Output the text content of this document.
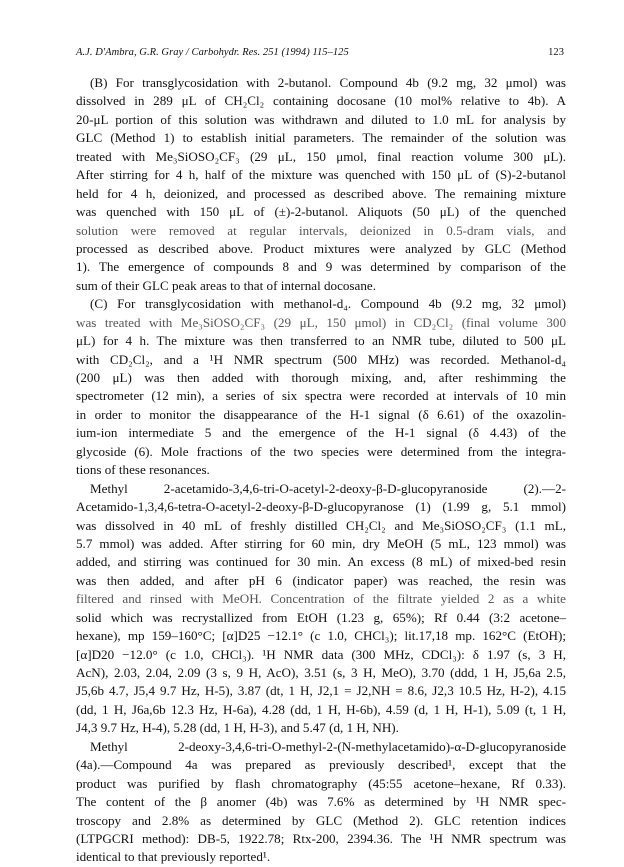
A.J. D'Ambra, G.R. Gray / Carbohydr. Res. 251 (1994) 115–125	123
(B) For transglycosidation with 2-butanol. Compound 4b (9.2 mg, 32 μmol) was
dissolved in 289 μL of CH₂Cl₂ containing docosane (10 mol% relative to 4b). A
20-μL portion of this solution was withdrawn and diluted to 1.0 mL for analysis by
GLC (Method 1) to establish initial parameters. The remainder of the solution was
treated with Me₃SiOSO₂CF₃ (29 μL, 150 μmol, final reaction volume 300 μL).
After stirring for 4 h, half of the mixture was quenched with 150 μL of (S)-2-butanol
held for 4 h, deionized, and processed as described above. The remaining mixture
was quenched with 150 μL of (±)-2-butanol. Aliquots (50 μL) of the quenched
solution were removed at regular intervals, deionized in 0.5-dram vials, and
processed as described above. Product mixtures were analyzed by GLC (Method
1). The emergence of compounds 8 and 9 was determined by comparison of the
sum of their GLC peak areas to that of internal docosane.
(C) For transglycosidation with methanol-d₄. Compound 4b (9.2 mg, 32 μmol)
was treated with Me₃SiOSO₂CF₃ (29 μL, 150 μmol) in CD₂Cl₂ (final volume 300
μL) for 4 h. The mixture was then transferred to an NMR tube, diluted to 500 μL
with CD₂Cl₂, and a ¹H NMR spectrum (500 MHz) was recorded. Methanol-d₄
(200 μL) was then added with thorough mixing, and, after reshimming the
spectrometer (12 min), a series of six spectra were recorded at intervals of 10 min
in order to monitor the disappearance of the H-1 signal (δ 6.61) of the oxazolin-
ium-ion intermediate 5 and the emergence of the H-1 signal (δ 4.43) of the
glycoside (6). Mole fractions of the two species were determined from the integra-
tions of these resonances.
Methyl 2-acetamido-3,4,6-tri-O-acetyl-2-deoxy-β-D-glucopyranoside (2).—2-
Acetamido-1,3,4,6-tetra-O-acetyl-2-deoxy-β-D-glucopyranose (1) (1.99 g, 5.1 mmol)
was dissolved in 40 mL of freshly distilled CH₂Cl₂ and Me₃SiOSO₂CF₃ (1.1 mL,
5.7 mmol) was added. After stirring for 60 min, dry MeOH (5 mL, 123 mmol) was
added, and stirring was continued for 30 min. An excess (8 mL) of mixed-bed resin
was then added, and after pH 6 (indicator paper) was reached, the resin was
filtered and rinsed with MeOH. Concentration of the filtrate yielded 2 as a white
solid which was recrystallized from EtOH (1.23 g, 65%); Rf 0.44 (3:2 acetone–
hexane), mp 159–160°C; [α]D25 −12.1° (c 1.0, CHCl₃); lit.17,18 mp. 162°C (EtOH);
[α]D20 −12.0° (c 1.0, CHCl₃). ¹H NMR data (300 MHz, CDCl₃): δ 1.97 (s, 3 H,
AcN), 2.03, 2.04, 2.09 (3 s, 9 H, AcO), 3.51 (s, 3 H, MeO), 3.70 (ddd, 1 H, J5,6a 2.5,
J5,6b 4.7, J5,4 9.7 Hz, H-5), 3.87 (dt, 1 H, J2,1 = J2,NH = 8.6, J2,3 10.5 Hz, H-2), 4.15
(dd, 1 H, J6a,6b 12.3 Hz, H-6a), 4.28 (dd, 1 H, H-6b), 4.59 (d, 1 H, H-1), 5.09 (t, 1 H,
J4,3 9.7 Hz, H-4), 5.28 (dd, 1 H, H-3), and 5.47 (d, 1 H, NH).
Methyl 2-deoxy-3,4,6-tri-O-methyl-2-(N-methylacetamido)-α-D-glucopyranoside
(4a).—Compound 4a was prepared as previously described¹, except that the
product was purified by flash chromatography (45:55 acetone–hexane, Rf 0.33).
The content of the β anomer (4b) was 7.6% as determined by ¹H NMR spec-
troscopy and 2.8% as determined by GLC (Method 2). GLC retention indices
(LTPGCRI method): DB-5, 1922.78; Rtx-200, 2394.36. The ¹H NMR spectrum was
identical to that previously reported¹.
